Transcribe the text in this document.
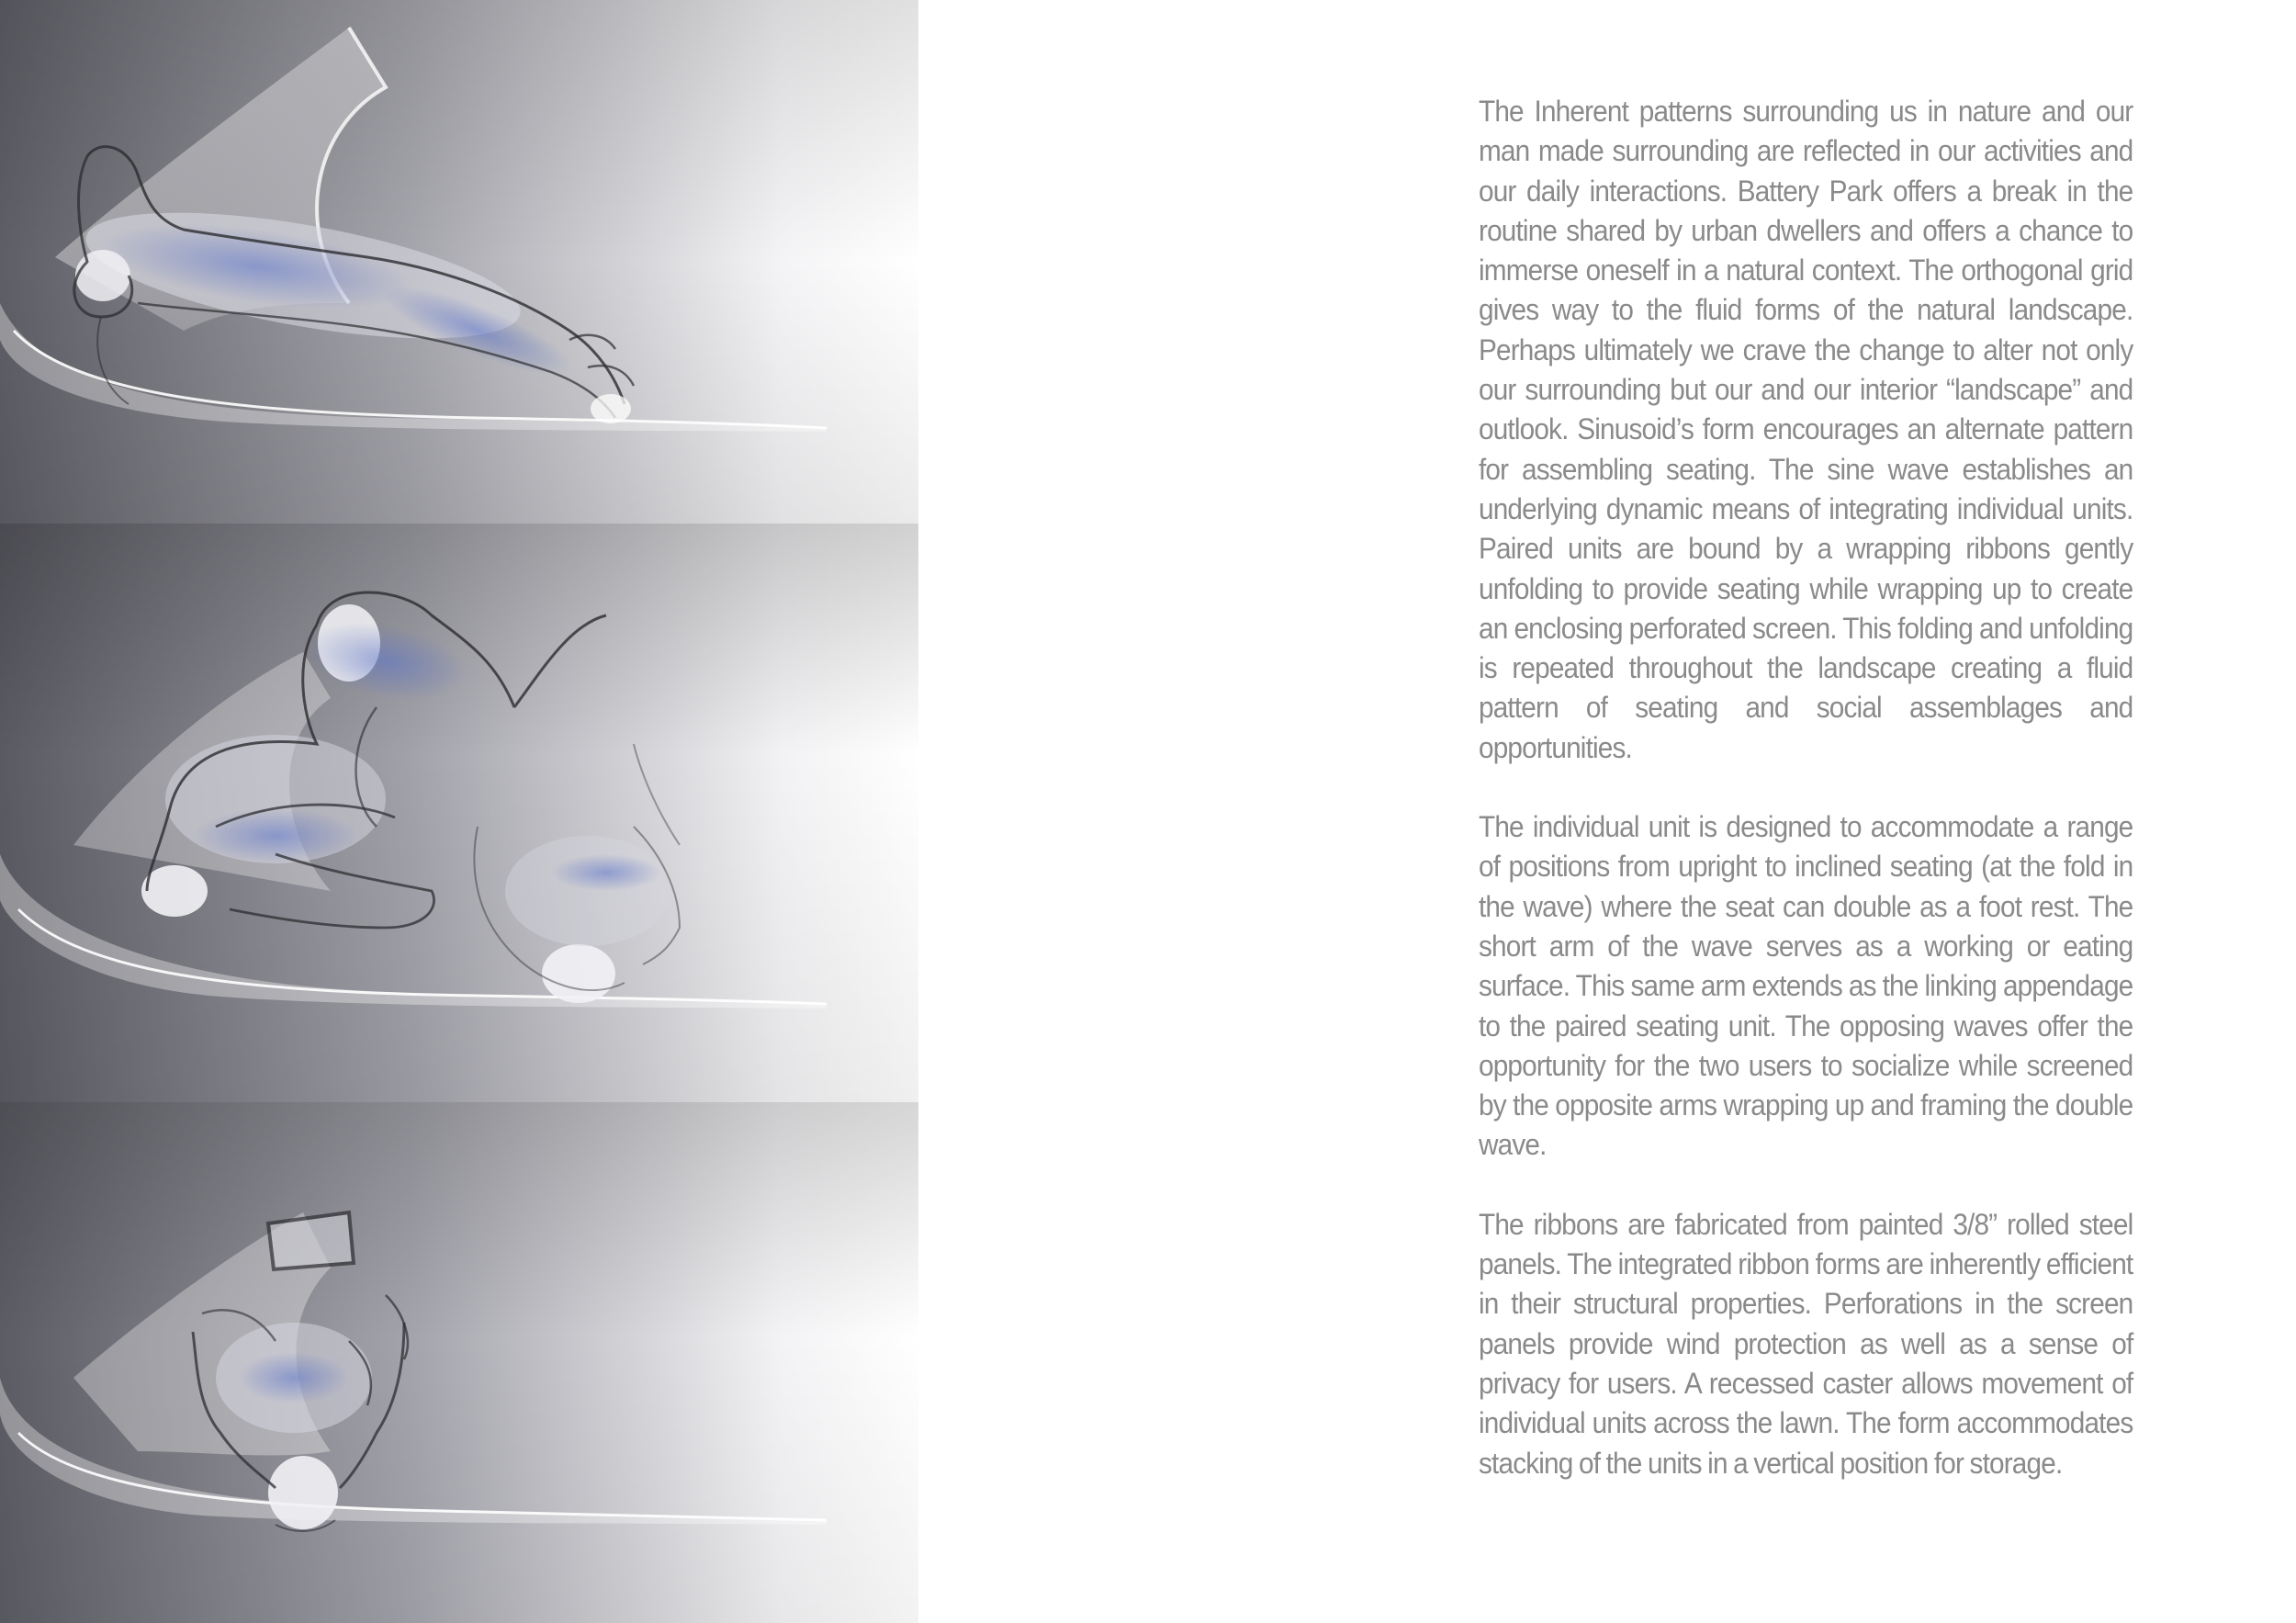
The Inherent patterns surrounding us in nature and our man made surrounding are reflected in our activities and our daily interactions. Battery Park offers a break in the routine shared by urban dwellers and offers a chance to immerse oneself in a natural context. The orthogonal grid gives way to the fluid forms of the natural landscape. Perhaps ultimately we crave the change to alter not only our surrounding but our and our interior “landscape” and outlook. Sinusoid’s form encourages an alternate pattern for assembling seating. The sine wave establishes an underlying dynamic means of integrating individual units. Paired units are bound by a wrapping ribbons gently unfolding to provide seating while wrapping up to create an enclosing perforated screen. This folding and unfolding is repeated throughout the landscape creating a fluid pattern of seating and social assemblages and opportunities.

The individual unit is designed to accommodate a range of positions from upright to inclined seating (at the fold in the wave) where the seat can double as a foot rest. The short arm of the wave serves as a working or eating surface. This same arm extends as the linking appendage to the paired seating unit. The opposing waves offer the opportunity for the two users to socialize while screened by the opposite arms wrapping up and framing the double wave.

The ribbons are fabricated from painted 3/8” rolled steel panels. The integrated ribbon forms are inherently efficient in their structural properties. Perforations in the screen panels provide wind protection as well as a sense of privacy for users. A recessed caster allows movement of individual units across the lawn. The form accommodates stacking of the units in a vertical position for storage.
